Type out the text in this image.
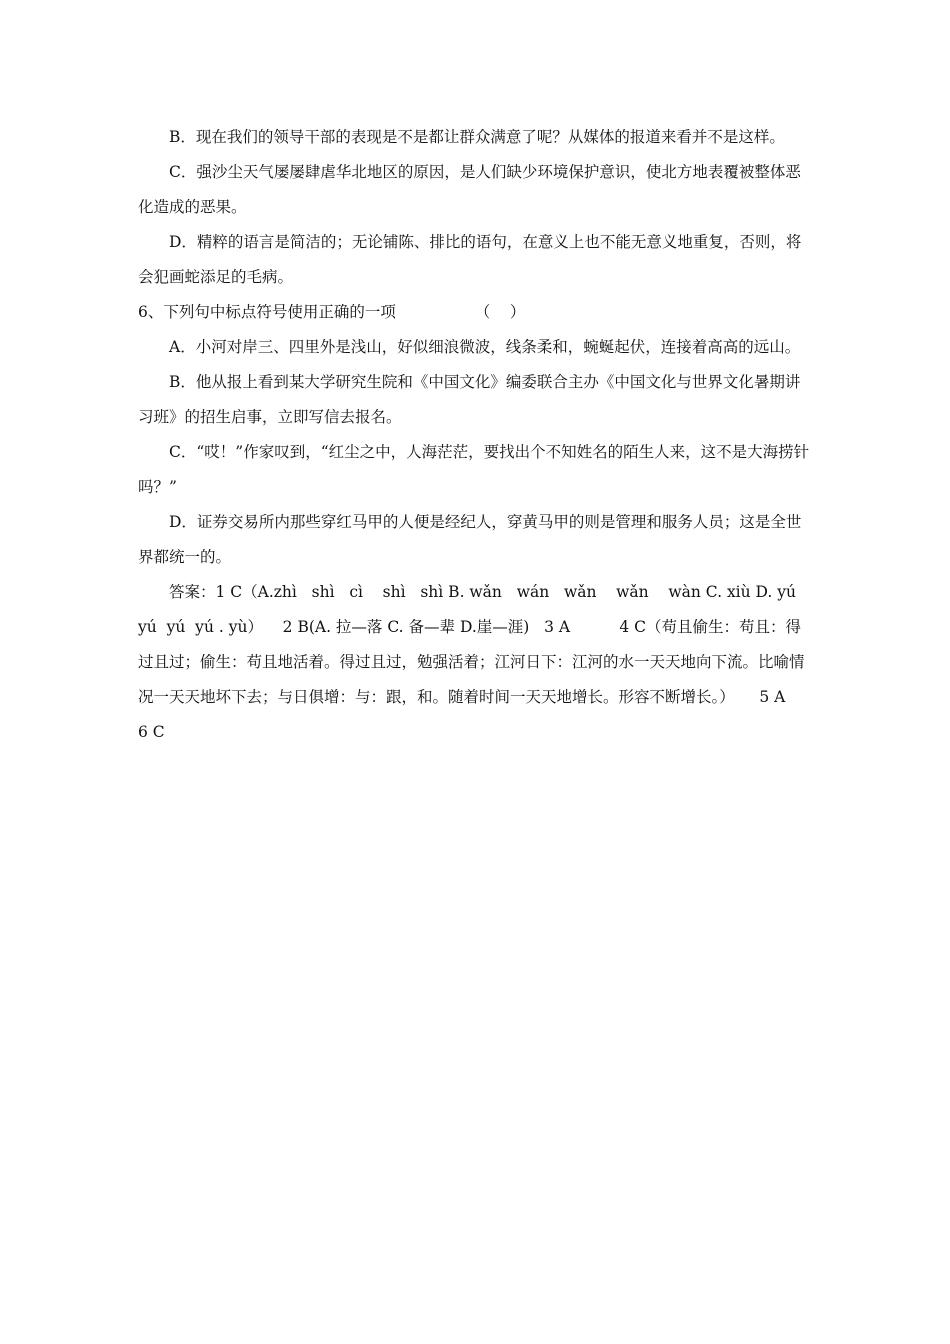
B．现在我们的领导干部的表现是不是都让群众满意了呢？从媒体的报道来看并不是这样。

C．强沙尘天气屡屡肆虐华北地区的原因，是人们缺少环境保护意识，使北方地表覆被整体恶化造成的恶果。

D．精粹的语言是简洁的；无论铺陈、排比的语句，在意义上也不能无意义地重复，否则，将会犯画蛇添足的毛病。

6、下列句中标点符号使用正确的一项                （    ）

A．小河对岸三、四里外是浅山，好似细浪微波，线条柔和，蜿蜒起伏，连接着高高的远山。

B．他从报上看到某大学研究生院和《中国文化》编委联合主办《中国文化与世界文化暑期讲习班》的招生启事，立即写信去报名。

C．“哎！”作家叹到，“红尘之中，人海茫茫，要找出个不知姓名的陌生人来，这不是大海捞针吗？”

D．证券交易所内那些穿红马甲的人便是经纪人，穿黄马甲的则是管理和服务人员；这是全世界都统一的。

答案：1 C（A.zhì   shì   cì    shì   shì B. wǎn   wán   wǎn    wǎn    wàn C. xiù D. yú  yú  yú  yú . yù）    2 B(A. 拉—落 C. 备—辈 D.崖—涯)   3 A          4 C（苟且偷生：苟且：得过且过；偷生：苟且地活着。得过且过，勉强活着；江河日下：江河的水一天天地向下流。比喻情况一天天地坏下去；与日俱增：与：跟，和。随着时间一天天地增长。形容不断增长。）     5 A    6 C
